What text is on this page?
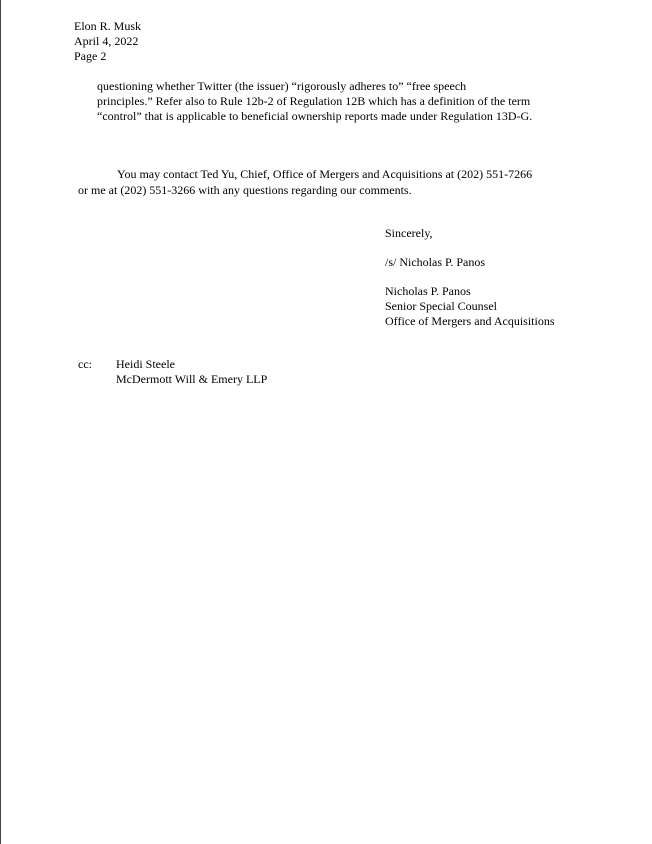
Elon R. Musk
April 4, 2022
Page 2
questioning whether Twitter (the issuer) “rigorously adheres to” “free speech
principles.” Refer also to Rule 12b-2 of Regulation 12B which has a definition of the term
“control” that is applicable to beneficial ownership reports made under Regulation 13D-G.
You may contact Ted Yu, Chief, Office of Mergers and Acquisitions at (202) 551-7266
or me at (202) 551-3266 with any questions regarding our comments.
Sincerely,
/s/ Nicholas P. Panos
Nicholas P. Panos
Senior Special Counsel
Office of Mergers and Acquisitions
cc: Heidi Steele
McDermott Will & Emery LLP
